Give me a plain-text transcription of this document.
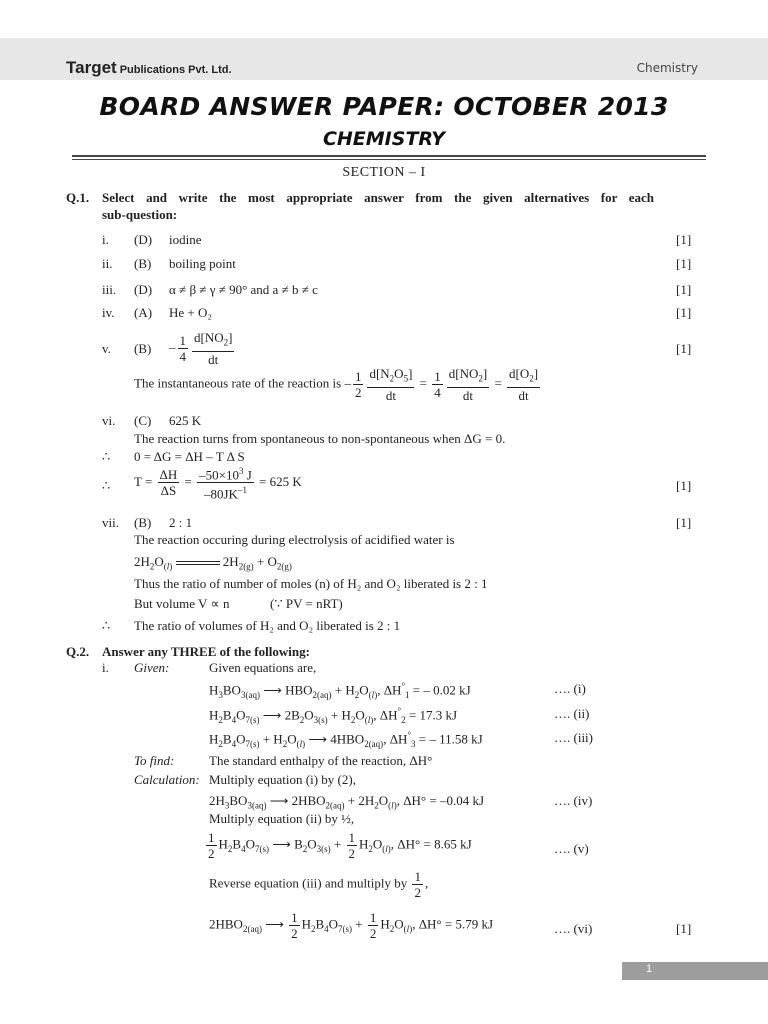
Target Publications Pvt. Ltd.	Chemistry
BOARD ANSWER PAPER: OCTOBER 2013
CHEMISTRY
SECTION – I
Q.1. Select and write the most appropriate answer from the given alternatives for each
sub-question:
i. (D) iodine	[1]
ii. (B) boiling point	[1]
iii. (D) α ≠ β ≠ γ ≠ 90° and a ≠ b ≠ c	[1]
iv. (A) He + O₂	[1]
v. $(B) - \frac{1}{4} \frac{d[NO_2]}{dt}$	[1]
The instantaneous rate of the reaction is – $\frac{1}{2} \frac{d[N_2O_5]}{dt} = \frac{1}{4} \frac{d[NO_2]}{dt} = \frac{d[O_2]}{dt}$
vi. (C) 625 K
The reaction turns from spontaneous to non-spontaneous when ΔG = 0.
∴ 0 = ΔG = ΔH – T Δ S
∴ $T = \frac{\Delta H}{\Delta S} = \frac{-50\times 10^3 J}{-80JK^{-1}} = 625$ K	[1]
vii. (B) 2 : 1	[1]
The reaction occuring during electrolysis of acidified water is
$2H_2O_{(l)}$	$2H_{2(g)} + O_{2(g)}$
Thus the ratio of number of moles (n) of H₂ and O₂ liberated is 2 : 1
But volume V ∝ n	(∵ PV = nRT)
∴ The ratio of volumes of H₂ and O₂ liberated is 2 : 1
Q.2. Answer any THREE of the following:
i. Given:	Given equations are,
$H_3BO_{3(aq)}$ ⟶ $HBO_{2(aq)} + H_2O_{(l)}$, $\Delta H^\circ_1$ = – 0.02 kJ	…. (i)
$H_2B_4O_{7(s)}$ ⟶ $2B_2O_{3(s)} + H_2O_{(l)}$, $\Delta H^\circ_2 = 17.3$ kJ	…. (ii)
$H_2B_4O_{7(s)} + H_2O_{(l)}$ ⟶ $4HBO_{2(aq)}$, $\Delta H^\circ_3$ = – 11.58 kJ	…. (iii)
To find:	The standard enthalpy of the reaction, ΔH°
Calculation: Multiply equation (i) by (2),
$2H_3BO_{3(aq)}$ ⟶ $2HBO_{2(aq)} + 2H_2O_{(l)}$, ΔH° = –0.04 kJ	…. (iv)
Multiply equation (ii) by ½,
$\frac{1}{2} H_2B_4O_{7(s)}$ ⟶ $B_2O_{3(s)} + \frac{1}{2} H_2O_{(l)}$, ΔH° = 8.65 kJ	…. (v)
Reverse equation (iii) and multiply by $\frac{1}{2}$ ,
$2HBO_{2(aq)}$ ⟶ $\frac{1}{2} H_2B_4O_{7(s)} + \frac{1}{2} H_2O_{(l)}$, ΔH° = 5.79 kJ	…. (vi)	[1]
1
